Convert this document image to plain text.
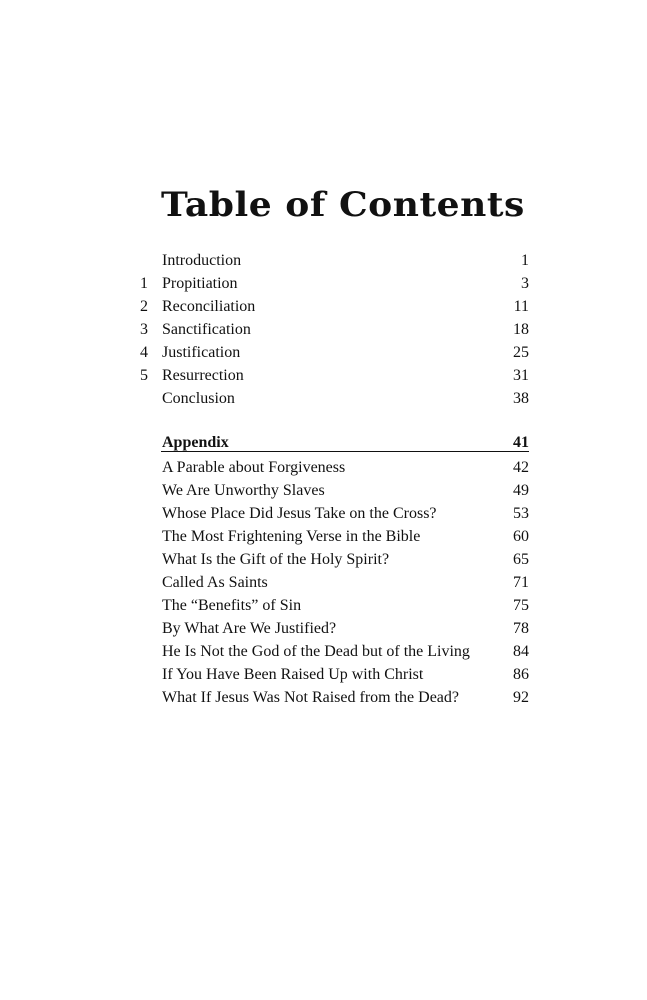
Table of Contents
Introduction	1
1 Propitiation	3
2 Reconciliation	11
3 Sanctification	18
4 Justification	25
5 Resurrection	31
Conclusion	38
Appendix	41
A Parable about Forgiveness	42
We Are Unworthy Slaves	49
Whose Place Did Jesus Take on the Cross?	53
The Most Frightening Verse in the Bible	60
What Is the Gift of the Holy Spirit?	65
Called As Saints	71
The “Benefits” of Sin	75
By What Are We Justified?	78
He Is Not the God of the Dead but of the Living	84
If You Have Been Raised Up with Christ	86
What If Jesus Was Not Raised from the Dead?	92
